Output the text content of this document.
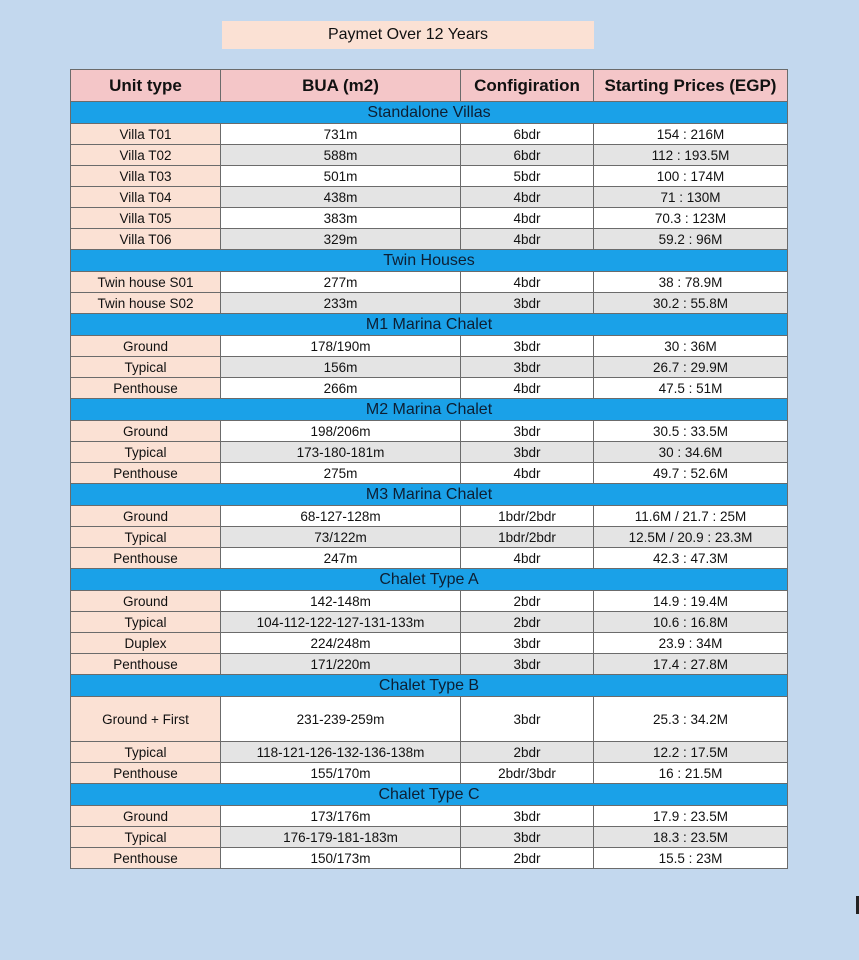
Paymet Over 12 Years
Unit type	BUA (m2)	Configiration	Starting Prices (EGP)
Standalone Villas			
Villa T01	731m	6bdr	154 : 216M
Villa T02	588m	6bdr	112 : 193.5M
Villa T03	501m	5bdr	100 : 174M
Villa T04	438m	4bdr	71 : 130M
Villa T05	383m	4bdr	70.3 : 123M
Villa T06	329m	4bdr	59.2 : 96M
Twin Houses			
Twin house S01	277m	4bdr	38 : 78.9M
Twin house S02	233m	3bdr	30.2 : 55.8M
M1 Marina Chalet			
Ground	178/190m	3bdr	30 : 36M
Typical	156m	3bdr	26.7 : 29.9M
Penthouse	266m	4bdr	47.5 : 51M
M2 Marina Chalet			
Ground	198/206m	3bdr	30.5 : 33.5M
Typical	173-180-181m	3bdr	30 : 34.6M
Penthouse	275m	4bdr	49.7 : 52.6M
M3 Marina Chalet			
Ground	68-127-128m	1bdr/2bdr	11.6M / 21.7 : 25M
Typical	73/122m	1bdr/2bdr	12.5M / 20.9 : 23.3M
Penthouse	247m	4bdr	42.3 : 47.3M
Chalet Type A			
Ground	142-148m	2bdr	14.9 : 19.4M
Typical	104-112-122-127-131-133m	2bdr	10.6 : 16.8M
Duplex	224/248m	3bdr	23.9 : 34M
Penthouse	171/220m	3bdr	17.4 : 27.8M
Chalet Type B			
Ground + First	231-239-259m	3bdr	25.3 : 34.2M
Typical	118-121-126-132-136-138m	2bdr	12.2 : 17.5M
Penthouse	155/170m	2bdr/3bdr	16 : 21.5M
Chalet Type C			
Ground	173/176m	3bdr	17.9 : 23.5M
Typical	176-179-181-183m	3bdr	18.3 : 23.5M
Penthouse	150/173m	2bdr	15.5 : 23M
